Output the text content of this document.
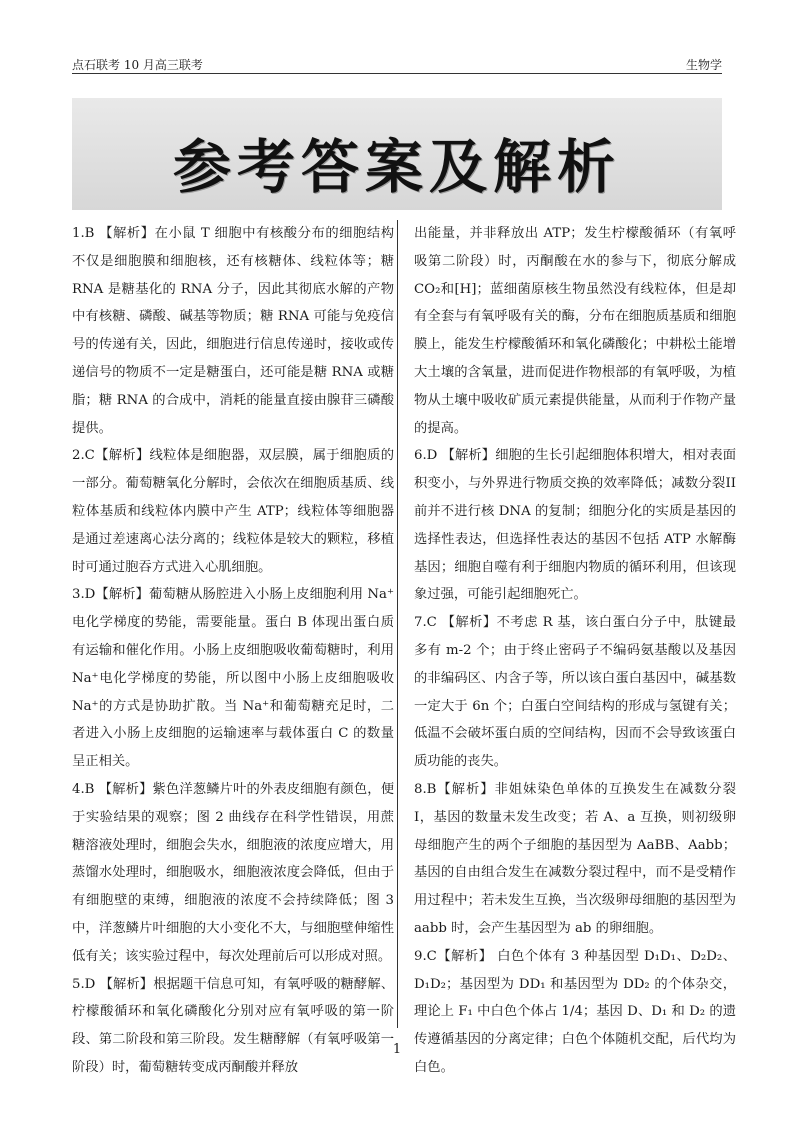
点石联考 10 月高三联考	生物学
参考答案及解析

1.B 【解析】在小鼠 T 细胞中有核酸分布的细胞结构不仅是细胞膜和细胞核，还有核糖体、线粒体等；糖 RNA 是糖基化的 RNA 分子，因此其彻底水解的产物中有核糖、磷酸、碱基等物质；糖 RNA 可能与免疫信号的传递有关，因此，细胞进行信息传递时，接收或传递信号的物质不一定是糖蛋白，还可能是糖 RNA 或糖脂；糖 RNA 的合成中，消耗的能量直接由腺苷三磷酸提供。

2.C【解析】线粒体是细胞器，双层膜，属于细胞质的一部分。葡萄糖氧化分解时，会依次在细胞质基质、线粒体基质和线粒体内膜中产生 ATP；线粒体等细胞器是通过差速离心法分离的；线粒体是较大的颗粒，移植时可通过胞吞方式进入心肌细胞。

3.D【解析】葡萄糖从肠腔进入小肠上皮细胞利用 Na⁺电化学梯度的势能，需要能量。蛋白 B 体现出蛋白质有运输和催化作用。小肠上皮细胞吸收葡萄糖时，利用 Na⁺电化学梯度的势能，所以图中小肠上皮细胞吸收 Na⁺的方式是协助扩散。当 Na⁺和葡萄糖充足时，二者进入小肠上皮细胞的运输速率与载体蛋白 C 的数量呈正相关。

4.B 【解析】紫色洋葱鳞片叶的外表皮细胞有颜色，便于实验结果的观察；图 2 曲线存在科学性错误，用蔗糖溶液处理时，细胞会失水，细胞液的浓度应增大，用蒸馏水处理时，细胞吸水，细胞液浓度会降低，但由于有细胞壁的束缚，细胞液的浓度不会持续降低；图 3 中，洋葱鳞片叶细胞的大小变化不大，与细胞壁伸缩性低有关；该实验过程中，每次处理前后可以形成对照。

5.D 【解析】根据题干信息可知，有氧呼吸的糖酵解、柠檬酸循环和氧化磷酸化分别对应有氧呼吸的第一阶段、第二阶段和第三阶段。发生糖酵解（有氧呼吸第一阶段）时，葡萄糖转变成丙酮酸并释放

出能量，并非释放出 ATP；发生柠檬酸循环（有氧呼吸第二阶段）时，丙酮酸在水的参与下，彻底分解成 CO₂和[H]；蓝细菌原核生物虽然没有线粒体，但是却有全套与有氧呼吸有关的酶，分布在细胞质基质和细胞膜上，能发生柠檬酸循环和氧化磷酸化；中耕松土能增大土壤的含氧量，进而促进作物根部的有氧呼吸，为植物从土壤中吸收矿质元素提供能量，从而利于作物产量的提高。

6.D 【解析】细胞的生长引起细胞体积增大，相对表面积变小，与外界进行物质交换的效率降低；减数分裂II前并不进行核 DNA 的复制；细胞分化的实质是基因的选择性表达，但选择性表达的基因不包括 ATP 水解酶基因；细胞自噬有利于细胞内物质的循环利用，但该现象过强，可能引起细胞死亡。

7.C 【解析】不考虑 R 基，该白蛋白分子中，肽键最多有 m-2 个；由于终止密码子不编码氨基酸以及基因的非编码区、内含子等，所以该白蛋白基因中，碱基数一定大于 6n 个；白蛋白空间结构的形成与氢键有关；低温不会破坏蛋白质的空间结构，因而不会导致该蛋白质功能的丧失。

8.B【解析】非姐妹染色单体的互换发生在减数分裂 I，基因的数量未发生改变；若 A、a 互换，则初级卵母细胞产生的两个子细胞的基因型为 AaBB、Aabb；基因的自由组合发生在减数分裂过程中，而不是受精作用过程中；若未发生互换，当次级卵母细胞的基因型为 aabb 时，会产生基因型为 ab 的卵细胞。

9.C【解析】 白色个体有 3 种基因型 D₁D₁、D₂D₂、D₁D₂；基因型为 DD₁ 和基因型为 DD₂ 的个体杂交，理论上 F₁ 中白色个体占 1/4；基因 D、D₁ 和 D₂ 的遗传遵循基因的分离定律；白色个体随机交配，后代均为白色。

1
